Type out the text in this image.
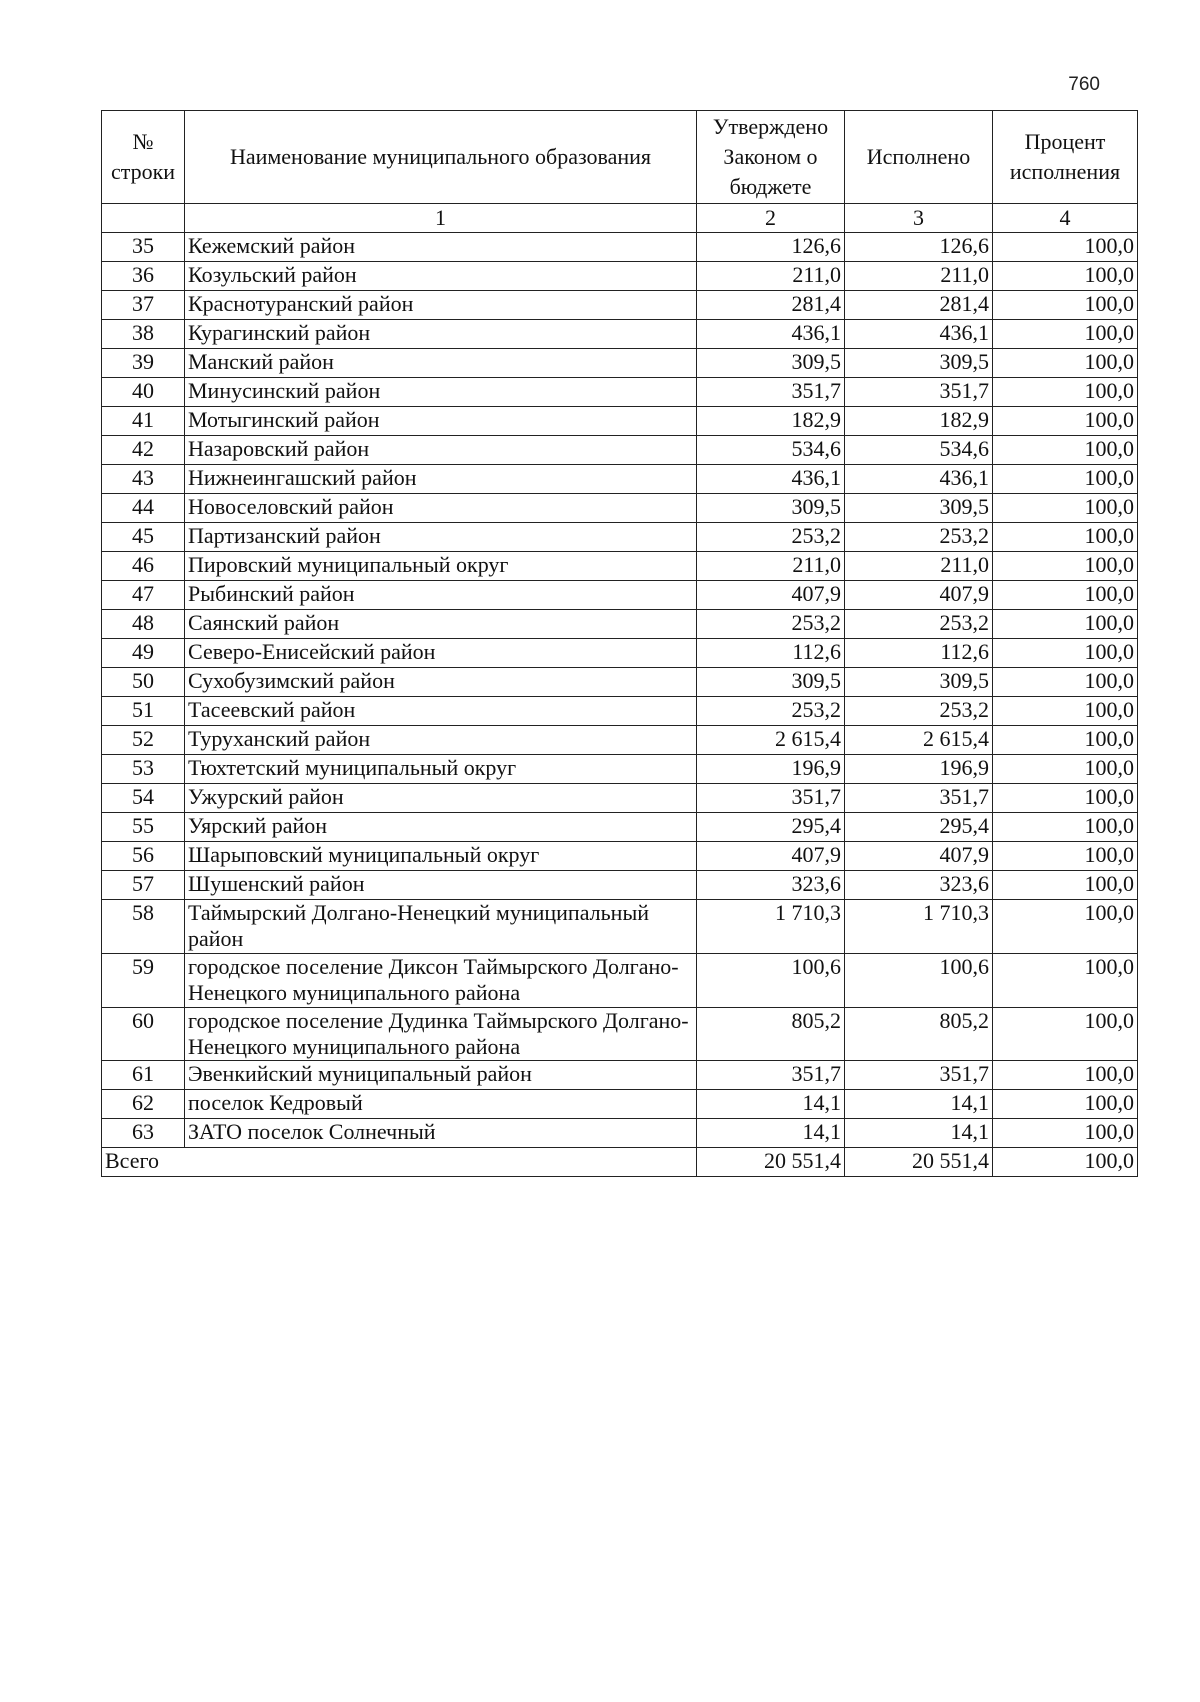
760
№ строки	Наименование муниципального образования	Утверждено Законом о бюджете	Исполнено	Процент исполнения
	1	2	3	4
35	Кежемский район	126,6	126,6	100,0
36	Козульский район	211,0	211,0	100,0
37	Краснотуранский район	281,4	281,4	100,0
38	Курагинский район	436,1	436,1	100,0
39	Манский район	309,5	309,5	100,0
40	Минусинский район	351,7	351,7	100,0
41	Мотыгинский район	182,9	182,9	100,0
42	Назаровский район	534,6	534,6	100,0
43	Нижнеингашский район	436,1	436,1	100,0
44	Новоселовский район	309,5	309,5	100,0
45	Партизанский район	253,2	253,2	100,0
46	Пировский муниципальный округ	211,0	211,0	100,0
47	Рыбинский район	407,9	407,9	100,0
48	Саянский район	253,2	253,2	100,0
49	Северо-Енисейский район	112,6	112,6	100,0
50	Сухобузимский район	309,5	309,5	100,0
51	Тасеевский район	253,2	253,2	100,0
52	Туруханский район	2 615,4	2 615,4	100,0
53	Тюхтетский муниципальный округ	196,9	196,9	100,0
54	Ужурский район	351,7	351,7	100,0
55	Уярский район	295,4	295,4	100,0
56	Шарыповский муниципальный округ	407,9	407,9	100,0
57	Шушенский район	323,6	323,6	100,0
58	Таймырский Долгано-Ненецкий муниципальный район	1 710,3	1 710,3	100,0
59	городское поселение Диксон Таймырского Долгано-Ненецкого муниципального района	100,6	100,6	100,0
60	городское поселение Дудинка Таймырского Долгано-Ненецкого муниципального района	805,2	805,2	100,0
61	Эвенкийский муниципальный район	351,7	351,7	100,0
62	поселок Кедровый	14,1	14,1	100,0
63	ЗАТО поселок Солнечный	14,1	14,1	100,0
Всего		20 551,4	20 551,4	100,0
